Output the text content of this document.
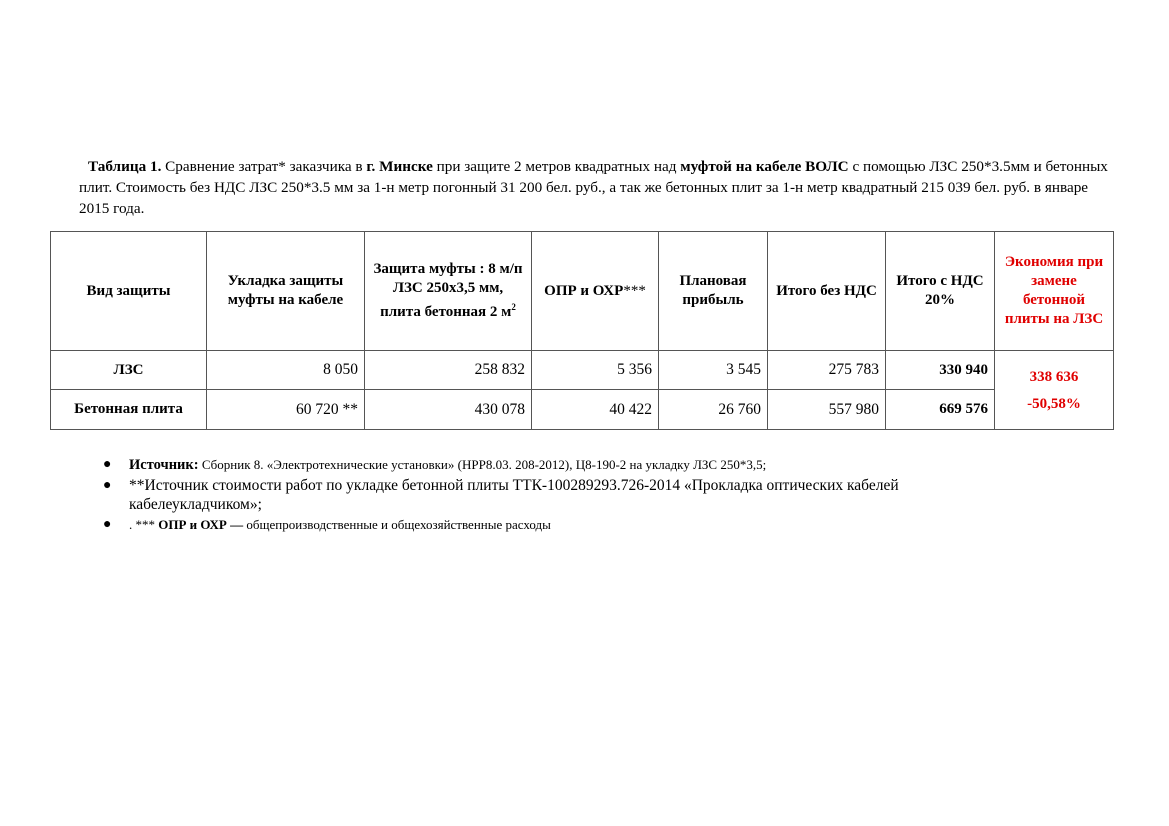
Таблица 1. Сравнение затрат* заказчика в г. Минске при защите 2 метров квадратных над муфтой на кабеле ВОЛС с помощью ЛЗС 250*3.5мм и бетонных плит. Стоимость без НДС ЛЗС 250*3.5 мм за 1-н метр погонный 31 200 бел. руб., а так же бетонных плит за 1-н метр квадратный 215 039 бел. руб. в январе 2015 года.
Вид защиты	Укладка защиты муфты на кабеле	Защита муфты : 8 м/п ЛЗС 250х3,5 мм, плита бетонная 2 $м^2$	ОПР и ОХР***	Плановая прибыль	Итого без НДС	Итого с НДС 20%	Экономия при замене бетонной плиты на ЛЗС
ЛЗС	8 050	258 832	5 356	3 545	275 783	330 940	338 636
-50,58%

Бетонная плита	60 720 **	430 078	40 422	26 760	557 980	669 576	
● Источник: Сборник 8. «Электротехнические установки» (НРР8.03. 208-2012), Ц8-190-2 на укладку ЛЗС 250*3,5;
● **Источник стоимости работ по укладке бетонной плиты ТТК-100289293.726-2014 «Прокладка оптических кабелей кабелеукладчиком»;
● . *** ОПР и ОХР — общепроизводственные и общехозяйственные расходы
